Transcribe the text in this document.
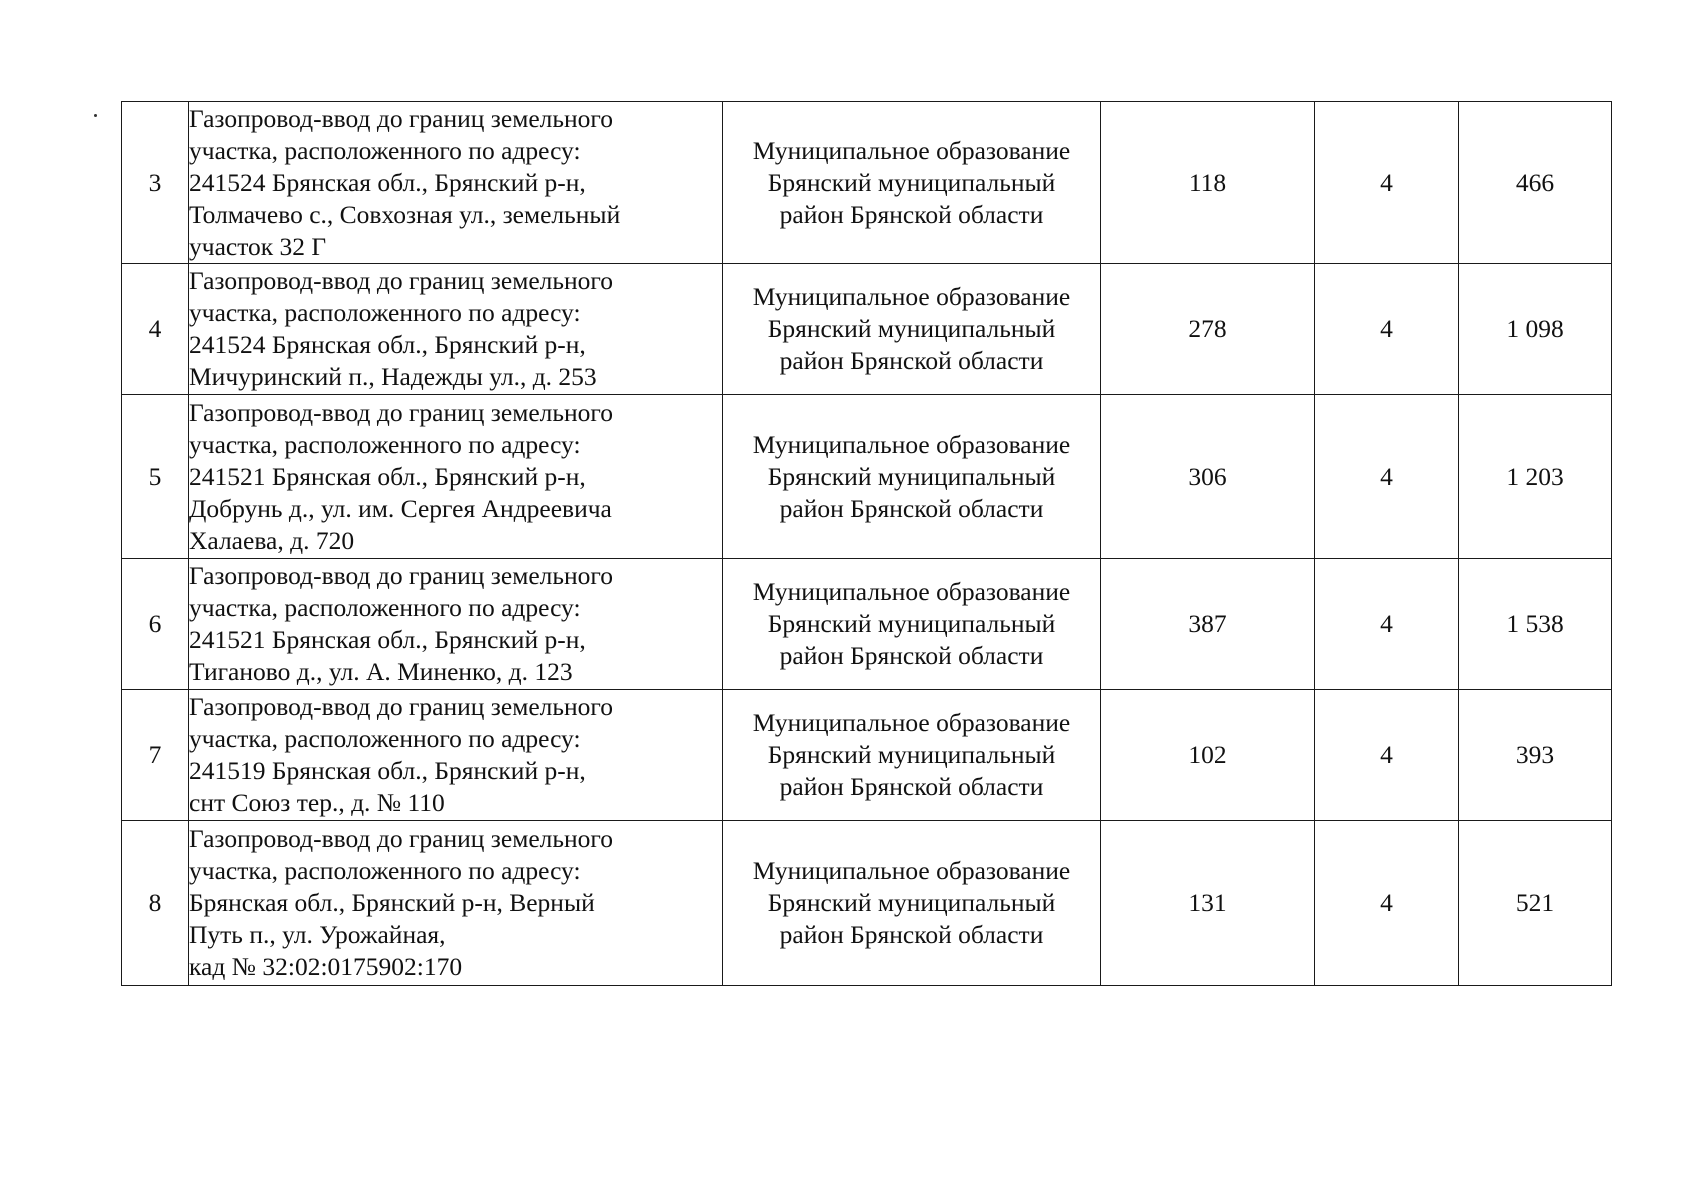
3	Газопровод-ввод до границ земельного
участка, расположенного по адресу:
241524 Брянская обл., Брянский р-н,
Толмачево с., Совхозная ул., земельный
участок 32 Г	Муниципальное образование
Брянский муниципальный
район Брянской области	118	4	466
4	Газопровод-ввод до границ земельного
участка, расположенного по адресу:
241524 Брянская обл., Брянский р-н,
Мичуринский п., Надежды ул., д. 253	Муниципальное образование
Брянский муниципальный
район Брянской области	278	4	1 098
5	Газопровод-ввод до границ земельного
участка, расположенного по адресу:
241521 Брянская обл., Брянский р-н,
Добрунь д., ул. им. Сергея Андреевича
Халаева, д. 720	Муниципальное образование
Брянский муниципальный
район Брянской области	306	4	1 203
6	Газопровод-ввод до границ земельного
участка, расположенного по адресу:
241521 Брянская обл., Брянский р-н,
Тиганово д., ул. А. Миненко, д. 123	Муниципальное образование
Брянский муниципальный
район Брянской области	387	4	1 538
7	Газопровод-ввод до границ земельного
участка, расположенного по адресу:
241519 Брянская обл., Брянский р-н,
снт Союз тер., д. № 110	Муниципальное образование
Брянский муниципальный
район Брянской области	102	4	393
8	Газопровод-ввод до границ земельного
участка, расположенного по адресу:
Брянская обл., Брянский р-н, Верный
Путь п., ул. Урожайная,
кад № 32:02:0175902:170	Муниципальное образование
Брянский муниципальный
район Брянской области	131	4	521
